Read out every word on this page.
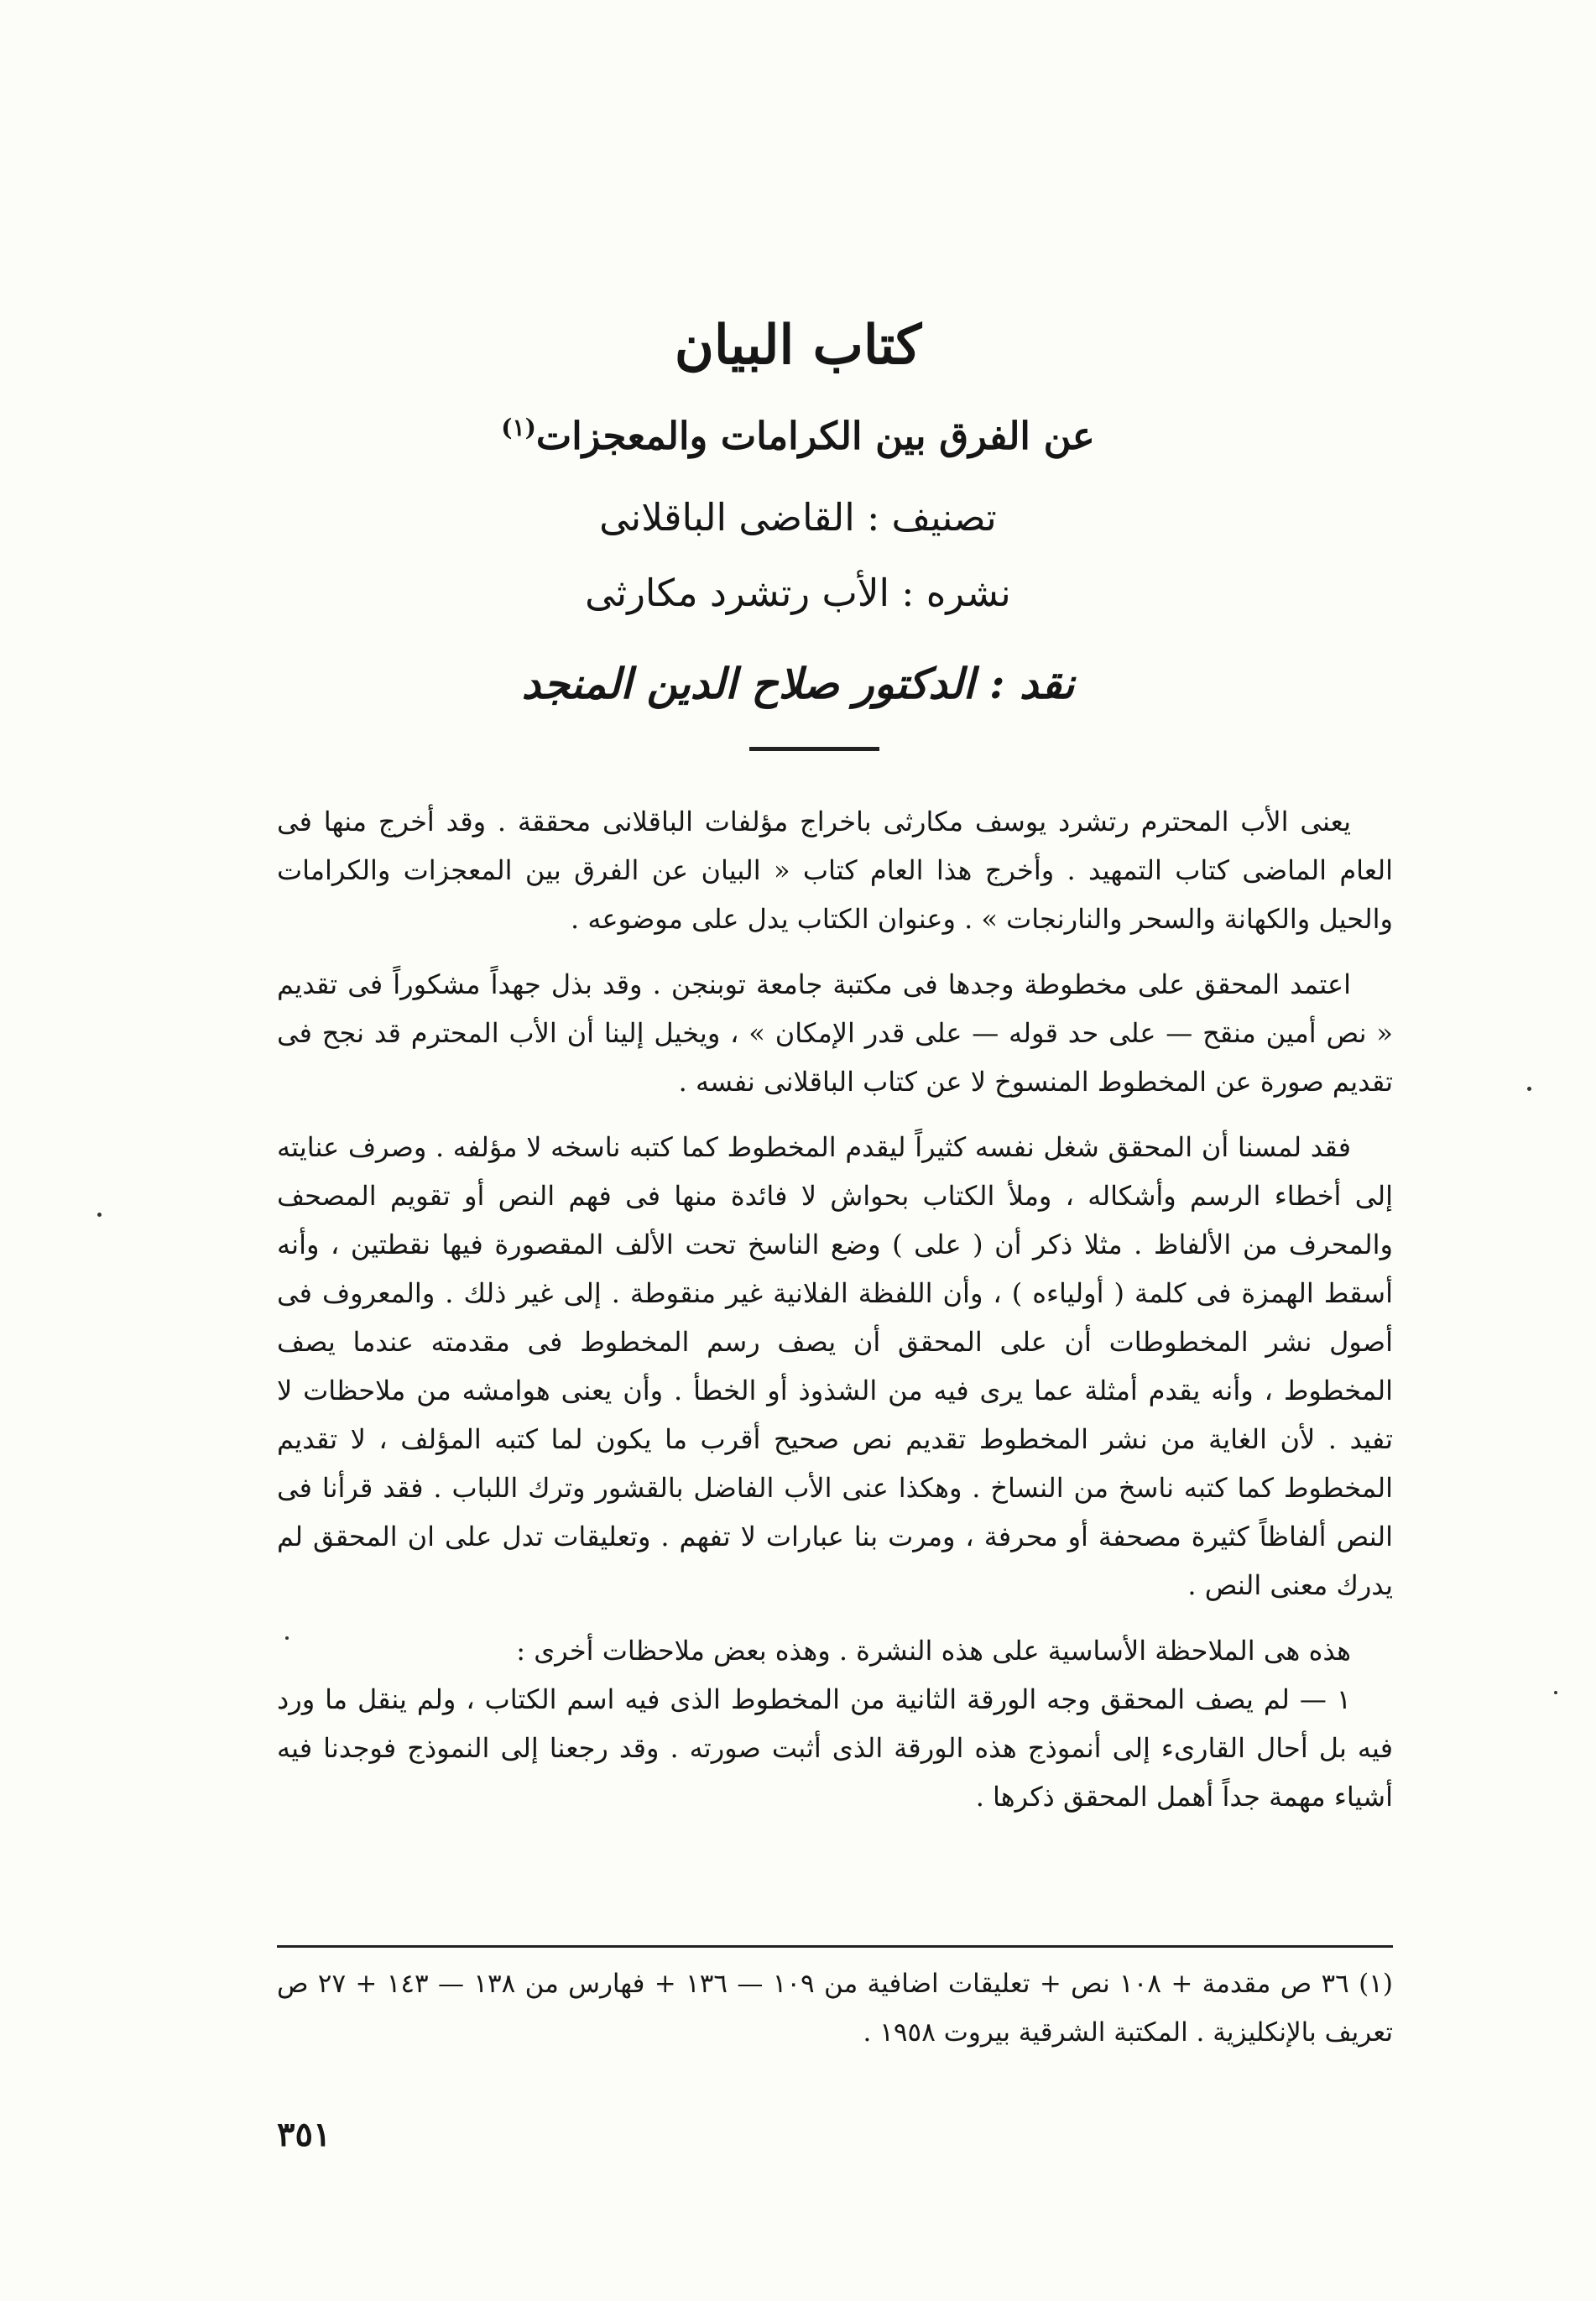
كتاب البيان
عن الفرق بين الكرامات والمعجزات$^{(١)}$
تصنيف : القاضى الباقلانى
نشره : الأب رتشرد مكارثى
نقد : الدكتور صلاح الدين المنجد

يعنى الأب المحترم رتشرد يوسف مكارثى باخراج مؤلفات الباقلانى محققة . وقد أخرج منها فى العام الماضى كتاب التمهيد . وأخرج هذا العام كتاب « البيان عن الفرق بين المعجزات والكرامات والحيل والكهانة والسحر والنارنجات » . وعنوان الكتاب يدل على موضوعه .

اعتمد المحقق على مخطوطة وجدها فى مكتبة جامعة توبنجن . وقد بذل جهداً مشكوراً فى تقديم « نص أمين منقح — على حد قوله — على قدر الإمكان » ، ويخيل إلينا أن الأب المحترم قد نجح فى تقديم صورة عن المخطوط المنسوخ لا عن كتاب الباقلانى نفسه .

فقد لمسنا أن المحقق شغل نفسه كثيراً ليقدم المخطوط كما كتبه ناسخه لا مؤلفه . وصرف عنايته إلى أخطاء الرسم وأشكاله ، وملأ الكتاب بحواش لا فائدة منها فى فهم النص أو تقويم المصحف والمحرف من الألفاظ . مثلا ذكر أن ( على ) وضع الناسخ تحت الألف المقصورة فيها نقطتين ، وأنه أسقط الهمزة فى كلمة ( أولياءه ) ، وأن اللفظة الفلانية غير منقوطة . إلى غير ذلك . والمعروف فى أصول نشر المخطوطات أن على المحقق أن يصف رسم المخطوط فى مقدمته عندما يصف المخطوط ، وأنه يقدم أمثلة عما يرى فيه من الشذوذ أو الخطأ . وأن يعنى هوامشه من ملاحظات لا تفيد . لأن الغاية من نشر المخطوط تقديم نص صحيح أقرب ما يكون لما كتبه المؤلف ، لا تقديم المخطوط كما كتبه ناسخ من النساخ . وهكذا عنى الأب الفاضل بالقشور وترك اللباب . فقد قرأنا فى النص ألفاظاً كثيرة مصحفة أو محرفة ، ومرت بنا عبارات لا تفهم . وتعليقات تدل على ان المحقق لم يدرك معنى النص .

هذه هى الملاحظة الأساسية على هذه النشرة . وهذه بعض ملاحظات أخرى :

١ — لم يصف المحقق وجه الورقة الثانية من المخطوط الذى فيه اسم الكتاب ، ولم ينقل ما ورد فيه بل أحال القارىء إلى أنموذج هذه الورقة الذى أثبت صورته . وقد رجعنا إلى النموذج فوجدنا فيه أشياء مهمة جداً أهمل المحقق ذكرها .

(١) ٣٦ ص مقدمة + ١٠٨ نص + تعليقات اضافية من ١٠٩ — ١٣٦ + فهارس من ١٣٨ — ١٤٣ + ٢٧ ص تعريف بالإنكليزية . المكتبة الشرقية بيروت ١٩٥٨ .

٣٥١
